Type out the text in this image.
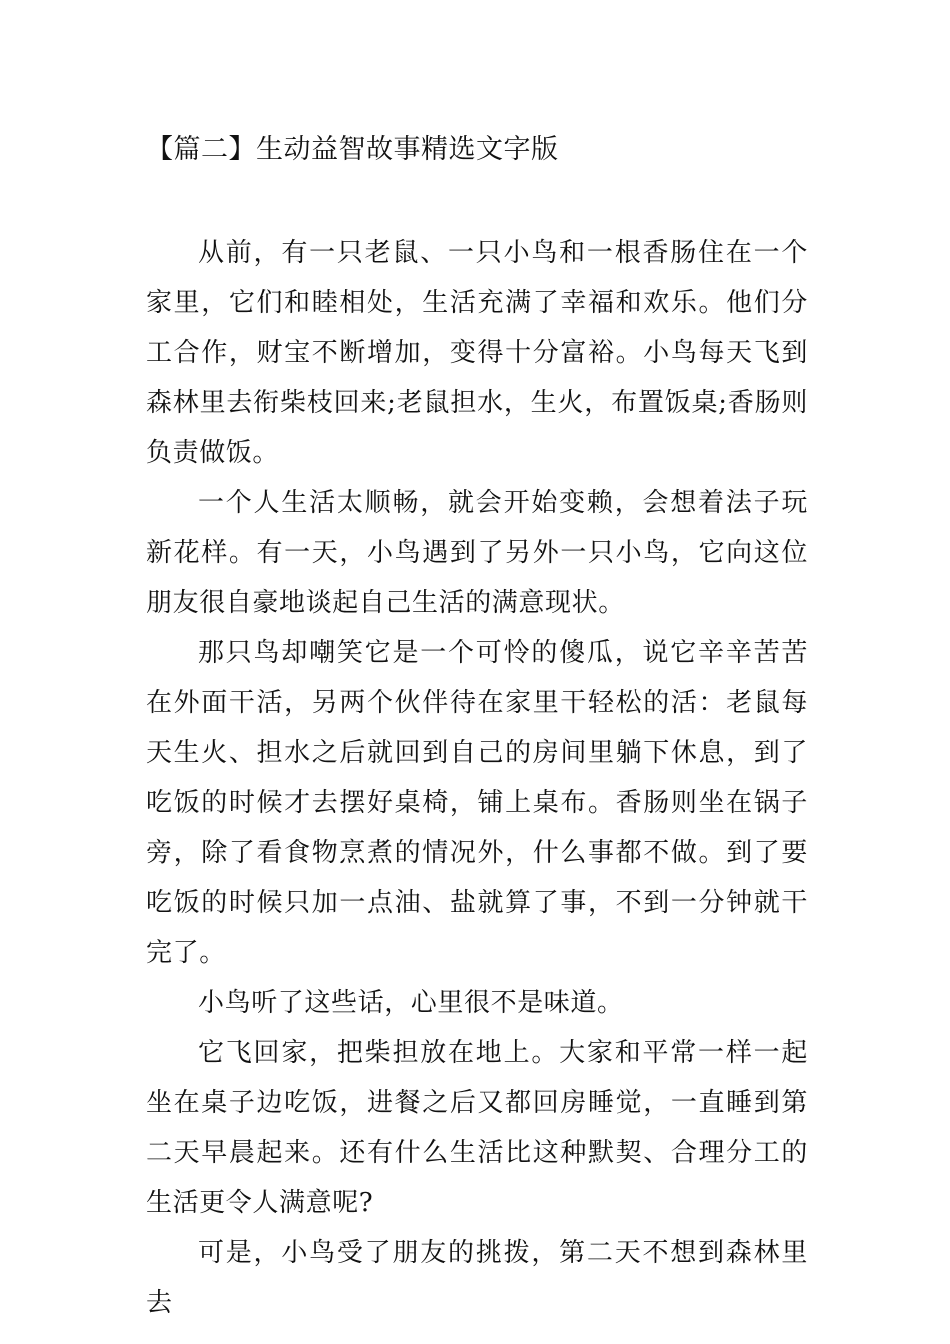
【篇二】生动益智故事精选文字版

从前，有一只老鼠、一只小鸟和一根香肠住在一个家里，它们和睦相处，生活充满了幸福和欢乐。他们分工合作，财宝不断增加，变得十分富裕。小鸟每天飞到森林里去衔柴枝回来;老鼠担水，生火，布置饭桌;香肠则负责做饭。

一个人生活太顺畅，就会开始变赖，会想着法子玩新花样。有一天，小鸟遇到了另外一只小鸟，它向这位朋友很自豪地谈起自己生活的满意现状。

那只鸟却嘲笑它是一个可怜的傻瓜，说它辛辛苦苦在外面干活，另两个伙伴待在家里干轻松的活：老鼠每天生火、担水之后就回到自己的房间里躺下休息，到了吃饭的时候才去摆好桌椅，铺上桌布。香肠则坐在锅子旁，除了看食物烹煮的情况外，什么事都不做。到了要吃饭的时候只加一点油、盐就算了事，不到一分钟就干完了。

小鸟听了这些话，心里很不是味道。

它飞回家，把柴担放在地上。大家和平常一样一起坐在桌子边吃饭，进餐之后又都回房睡觉，一直睡到第二天早晨起来。还有什么生活比这种默契、合理分工的生活更令人满意呢?

可是，小鸟受了朋友的挑拨，第二天不想到森林里去
